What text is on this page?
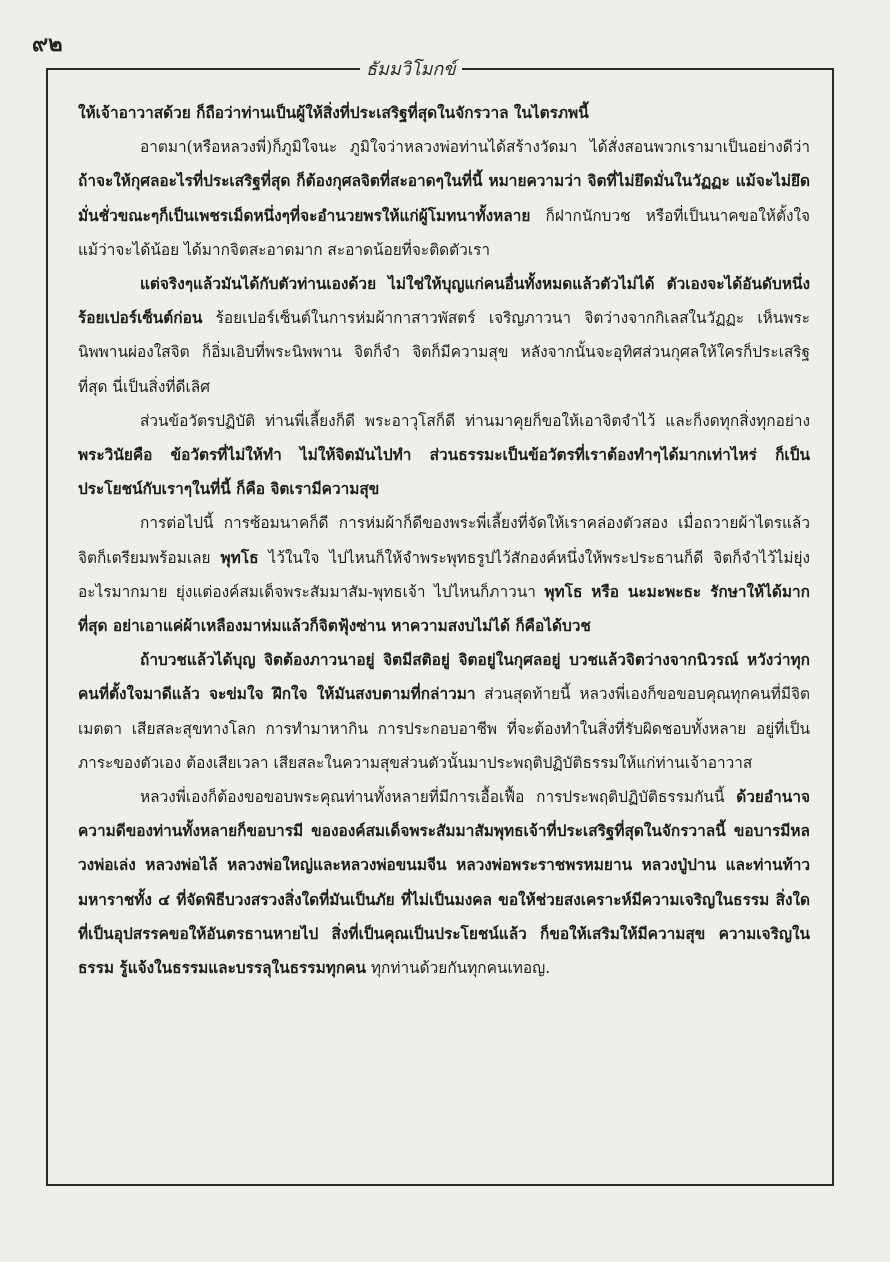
๙๒
ธัมมวิโมกข์

ให้เจ้าอาวาสด้วย ก็ถือว่าท่านเป็นผู้ให้สิ่งที่ประเสริฐที่สุดในจักรวาล ในไตรภพนี้

อาตมา(หรือหลวงพี่)ก็ภูมิใจนะ ภูมิใจว่าหลวงพ่อท่านได้สร้างวัดมา ได้สั่งสอนพวกเรามาเป็นอย่างดีว่า ถ้าจะให้กุศลอะไรที่ประเสริฐที่สุด ก็ต้องกุศลจิตที่สะอาดๆในที่นี้ หมายความว่า จิตที่ไม่ยึดมั่นในวัฏฏะ แม้จะไม่ยึดมั่นชั่วขณะๆก็เป็นเพชรเม็ดหนึ่งๆที่จะอำนวยพรให้แก่ผู้โมทนาทั้งหลาย ก็ฝากนักบวช หรือที่เป็นนาคขอให้ตั้งใจแม้ว่าจะได้น้อย ได้มากจิตสะอาดมาก สะอาดน้อยที่จะติดตัวเรา

แต่จริงๆแล้วมันได้กับตัวท่านเองด้วย ไม่ใช่ให้บุญแก่คนอื่นทั้งหมดแล้วตัวไม่ได้ ตัวเองจะได้อันดับหนึ่งร้อยเปอร์เซ็นต์ก่อน ร้อยเปอร์เซ็นต์ในการห่มผ้ากาสาวพัสตร์ เจริญภาวนา จิตว่างจากกิเลสในวัฏฏะ เห็นพระนิพพานผ่องใสจิต ก็อิ่มเอิบที่พระนิพพาน จิตก็จำ จิตก็มีความสุข หลังจากนั้นจะอุทิศส่วนกุศลให้ใครก็ประเสริฐที่สุด นี่เป็นสิ่งที่ดีเลิศ

ส่วนข้อวัตรปฏิบัติ ท่านพี่เลี้ยงก็ดี พระอาวุโสก็ดี ท่านมาคุยก็ขอให้เอาจิตจำไว้ และก็งดทุกสิ่งทุกอย่าง พระวินัยคือ ข้อวัตรที่ไม่ให้ทำ ไม่ให้จิตมันไปทำ ส่วนธรรมะเป็นข้อวัตรที่เราต้องทำๆได้มากเท่าไหร่ ก็เป็นประโยชน์กับเราๆในที่นี้ ก็คือ จิตเรามีความสุข

การต่อไปนี้ การซ้อมนาคก็ดี การห่มผ้าก็ดีของพระพี่เลี้ยงที่จัดให้เราคล่องตัวสอง เมื่อถวายผ้าไตรแล้วจิตก็เตรียมพร้อมเลย พุทโธ ไว้ในใจ ไปไหนก็ให้จำพระพุทธรูปไว้สักองค์หนึ่งให้พระประธานก็ดี จิตก็จำไว้ไม่ยุ่งอะไรมากมาย ยุ่งแต่องค์สมเด็จพระสัมมาสัม-พุทธเจ้า ไปไหนก็ภาวนา พุทโธ หรือ นะมะพะธะ รักษาให้ได้มากที่สุด อย่าเอาแค่ผ้าเหลืองมาห่มแล้วก็จิตฟุ้งซ่าน หาความสงบไม่ได้ ก็คือได้บวช

ถ้าบวชแล้วได้บุญ จิตต้องภาวนาอยู่ จิตมีสติอยู่ จิตอยู่ในกุศลอยู่ บวชแล้วจิตว่างจากนิวรณ์ หวังว่าทุกคนที่ตั้งใจมาดีแล้ว จะข่มใจ ฝึกใจ ให้มันสงบตามที่กล่าวมา ส่วนสุดท้ายนี้ หลวงพี่เองก็ขอขอบคุณทุกคนที่มีจิตเมตตา เสียสละสุขทางโลก การทำมาหากิน การประกอบอาชีพ ที่จะต้องทำในสิ่งที่รับผิดชอบทั้งหลาย อยู่ที่เป็นภาระของตัวเอง ต้องเสียเวลา เสียสละในความสุขส่วนตัวนั้นมาประพฤติปฏิบัติธรรมให้แก่ท่านเจ้าอาวาส

หลวงพี่เองก็ต้องขอขอบพระคุณท่านทั้งหลายที่มีการเอื้อเฟื้อ การประพฤติปฏิบัติธรรมกันนี้ ด้วยอำนาจความดีของท่านทั้งหลายก็ขอบารมี ขององค์สมเด็จพระสัมมาสัมพุทธเจ้าที่ประเสริฐที่สุดในจักรวาลนี้ ขอบารมีหลวงพ่อเล่ง หลวงพ่อไล้ หลวงพ่อใหญ่และหลวงพ่อขนมจีน หลวงพ่อพระราชพรหมยาน หลวงปู่ปาน และท่านท้าวมหาราชทั้ง ๔ ที่จัดพิธีบวงสรวงสิ่งใดที่มันเป็นภัย ที่ไม่เป็นมงคล ขอให้ช่วยสงเคราะห์มีความเจริญในธรรม สิ่งใดที่เป็นอุปสรรคขอให้อันตรธานหายไป สิ่งที่เป็นคุณเป็นประโยชน์แล้ว ก็ขอให้เสริมให้มีความสุข ความเจริญในธรรม รู้แจ้งในธรรมและบรรลุในธรรมทุกคน ทุกท่านด้วยกันทุกคนเทอญ.
